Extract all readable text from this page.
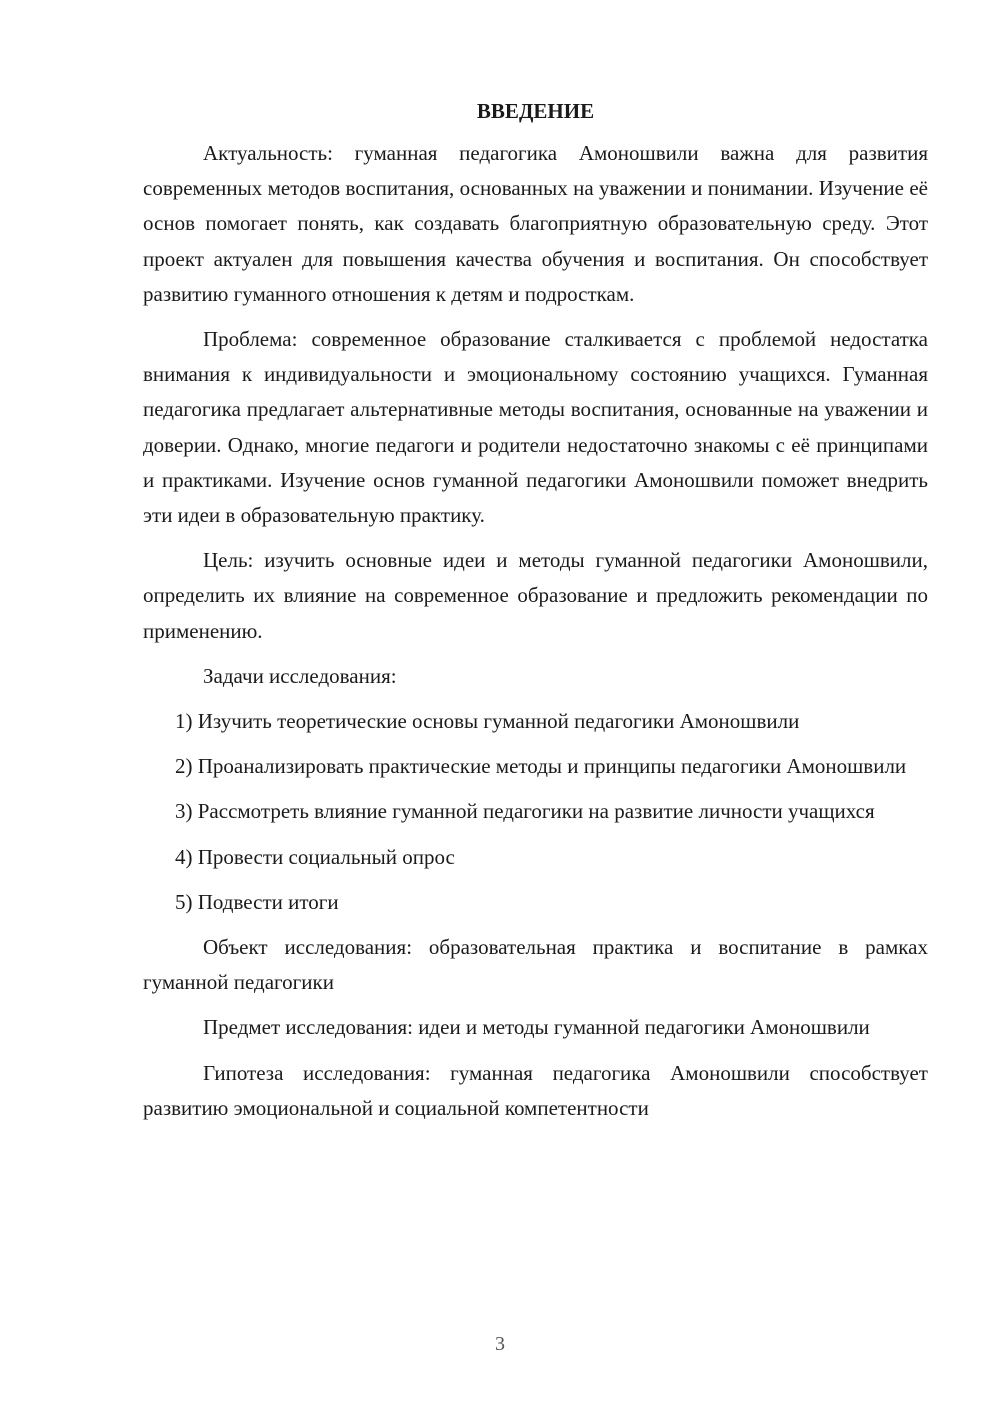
ВВЕДЕНИЕ

Актуальность: гуманная педагогика Амоношвили важна для развития современных методов воспитания, основанных на уважении и понимании. Изучение её основ помогает понять, как создавать благоприятную образовательную среду. Этот проект актуален для повышения качества обучения и воспитания. Он способствует развитию гуманного отношения к детям и подросткам.

Проблема: современное образование сталкивается с проблемой недостатка внимания к индивидуальности и эмоциональному состоянию учащихся. Гуманная педагогика предлагает альтернативные методы воспитания, основанные на уважении и доверии. Однако, многие педагоги и родители недостаточно знакомы с её принципами и практиками. Изучение основ гуманной педагогики Амоношвили поможет внедрить эти идеи в образовательную практику.

Цель: изучить основные идеи и методы гуманной педагогики Амоношвили, определить их влияние на современное образование и предложить рекомендации по применению.

Задачи исследования:

1) Изучить теоретические основы гуманной педагогики Амоношвили

2) Проанализировать практические методы и принципы педагогики Амоношвили

3) Рассмотреть влияние гуманной педагогики на развитие личности учащихся

4) Провести социальный опрос

5) Подвести итоги

Объект исследования: образовательная практика и воспитание в рамках гуманной педагогики

Предмет исследования: идеи и методы гуманной педагогики Амоношвили

Гипотеза исследования: гуманная педагогика Амоношвили способствует развитию эмоциональной и социальной компетентности

3
